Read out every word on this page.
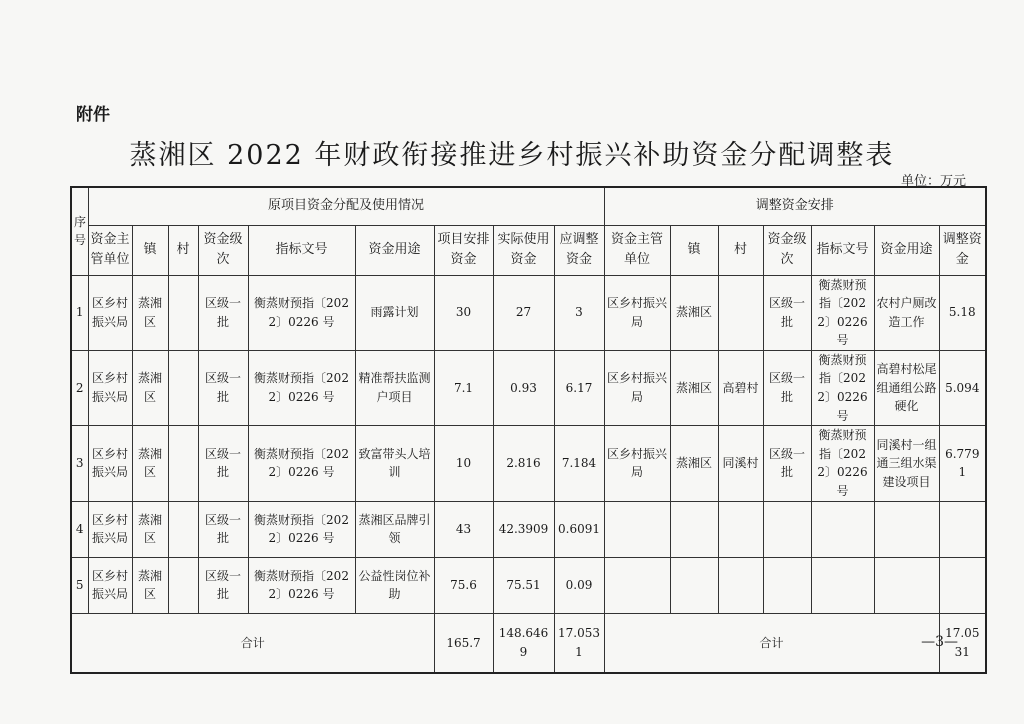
附件
蒸湘区 2022 年财政衔接推进乡村振兴补助资金分配调整表
单位：万元
序号	原项目资金分配及使用情况									调整资金安排						
	资金主管单位	镇	村	资金级次	指标文号	资金用途	项目安排资金	实际使用资金	应调整资金	资金主管单位	镇	村	资金级次	指标文号	资金用途	调整资金
1	区乡村振兴局	蒸湘区		区级一批	衡蒸财预指〔2022〕0226 号	雨露计划	30	27	3	区乡村振兴局	蒸湘区		区级一批	衡蒸财预指〔2022〕0226 号	农村户厕改造工作	5.18
2	区乡村振兴局	蒸湘区		区级一批	衡蒸财预指〔2022〕0226 号	精准帮扶监测户项目	7.1	0.93	6.17	区乡村振兴局	蒸湘区	高碧村	区级一批	衡蒸财预指〔2022〕0226 号	高碧村松尾组通组公路硬化	5.094
3	区乡村振兴局	蒸湘区		区级一批	衡蒸财预指〔2022〕0226 号	致富带头人培训	10	2.816	7.184	区乡村振兴局	蒸湘区	同溪村	区级一批	衡蒸财预指〔2022〕0226 号	同溪村一组通三组水渠建设项目	6.7791
4	区乡村振兴局	蒸湘区		区级一批	衡蒸财预指〔2022〕0226 号	蒸湘区品牌引领	43	42.3909	0.6091							
5	区乡村振兴局	蒸湘区		区级一批	衡蒸财预指〔2022〕0226 号	公益性岗位补助	75.6	75.51	0.09							
合计							165.7	148.6469	17.0531	合计						17.0531
—3—
